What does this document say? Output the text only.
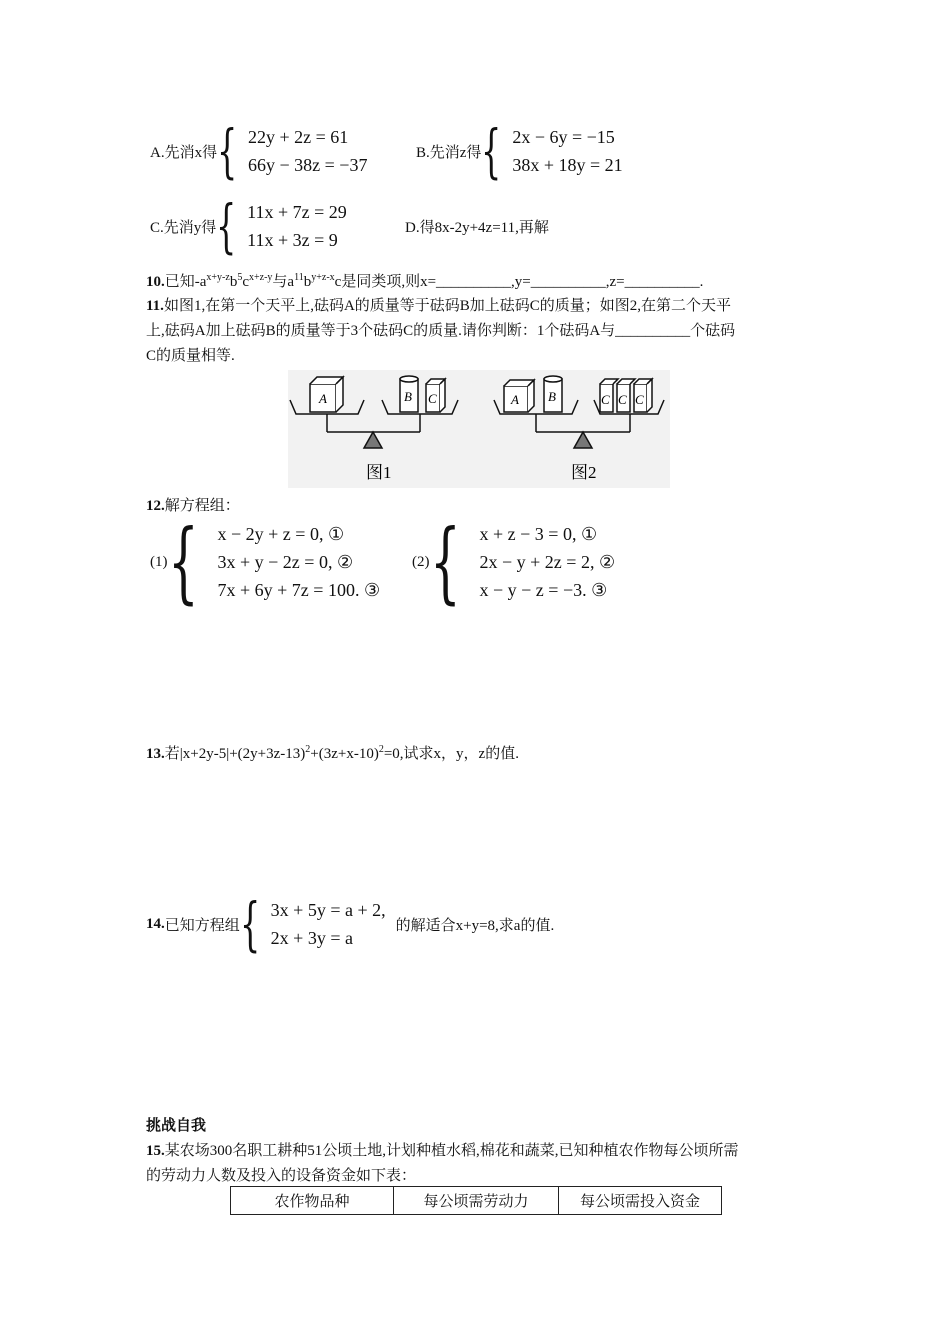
A.先消x得 { 22y + 2z = 61
66y − 38z = −37
B.先消z得 { 2x − 6y = −15
38x + 18y = 21
C.先消y得 { 11x + 7z = 29
11x + 3z = 9
D.得8x-2y+4z=11,再解
10.已知$-a^{x+y-z}b^5c^{x+z-y}$与$a^{11}b^{y+z-x}c$是同类项,则x=__________,y=__________,z=__________.
11.如图1,在第一个天平上,砝码A的质量等于砝码B加上砝码C的质量；如图2,在第二个天平
上,砝码A加上砝码B的质量等于3个砝码C的质量.请你判断：1个砝码A与__________个砝码
C的质量相等.
A	B C
图1
A B	C C C
图2
12.解方程组：
(1) { x − 2y + z = 0, ①
3x + y − 2z = 0, ②
7x + 6y + 7z = 100. ③
(2) { x + z − 3 = 0, ①
2x − y + 2z = 2, ②
x − y − z = −3. ③
13.若$|x+2y-5|+(2y+3z-13)^2+(3z+x-10)^2=0$,试求x，y，z的值.
14. 已知方程组 { 3x + 5y = a + 2,
2x + 3y = a
的解适合x+y=8,求a的值.
挑战自我
15.某农场300名职工耕种51公顷土地,计划种植水稻,棉花和蔬菜,已知种植农作物每公顷所需
的劳动力人数及投入的设备资金如下表：
农作物品种	每公顷需劳动力	每公顷需投入资金
